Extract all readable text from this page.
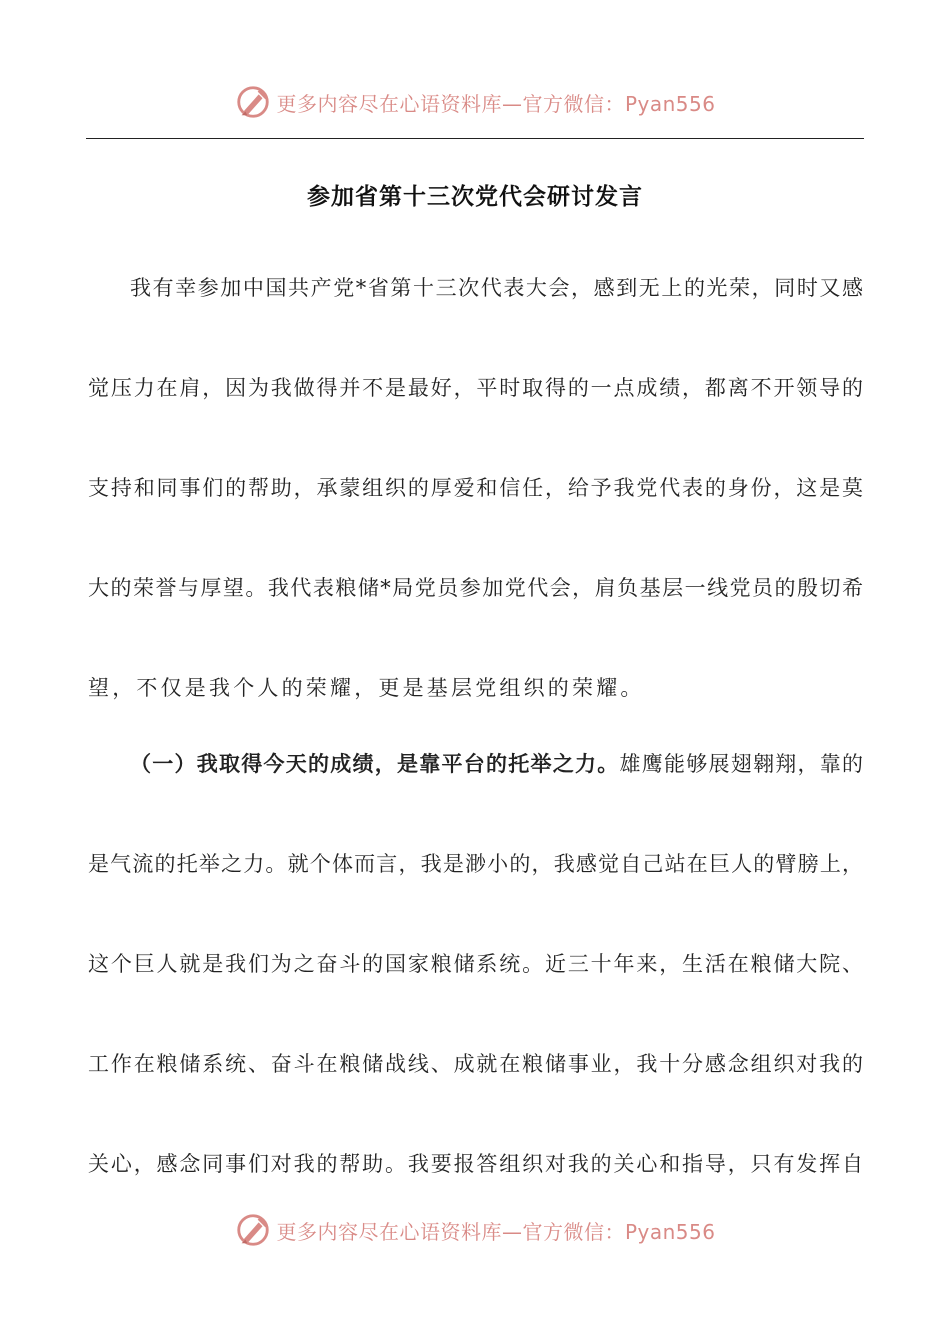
更多内容尽在心语资料库—官方微信：Pyan556
参加省第十三次党代会研讨发言
我有幸参加中国共产党*省第十三次代表大会，感到无上的光荣，同时又感
觉压力在肩，因为我做得并不是最好，平时取得的一点成绩，都离不开领导的
支持和同事们的帮助，承蒙组织的厚爱和信任，给予我党代表的身份，这是莫
大的荣誉与厚望。我代表粮储*局党员参加党代会，肩负基层一线党员的殷切希
望，不仅是我个人的荣耀，更是基层党组织的荣耀。
（一）我取得今天的成绩，是靠平台的托举之力。雄鹰能够展翅翱翔，靠的
是气流的托举之力。就个体而言，我是渺小的，我感觉自己站在巨人的臂膀上，
这个巨人就是我们为之奋斗的国家粮储系统。近三十年来，生活在粮储大院、
工作在粮储系统、奋斗在粮储战线、成就在粮储事业，我十分感念组织对我的
关心，感念同事们对我的帮助。我要报答组织对我的关心和指导，只有发挥自
更多内容尽在心语资料库—官方微信：Pyan556
